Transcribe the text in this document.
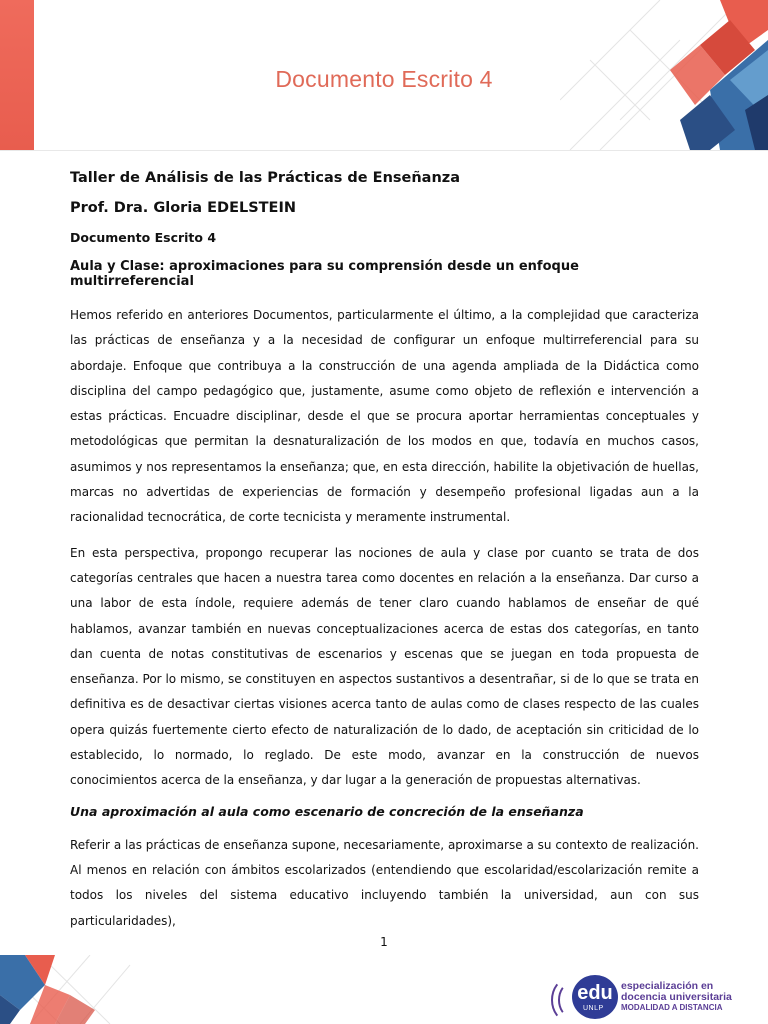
Documento Escrito 4
Taller de Análisis de las Prácticas de Enseñanza
Prof. Dra. Gloria EDELSTEIN
Documento Escrito 4
Aula y Clase: aproximaciones para su comprensión desde un enfoque multirreferencial

Hemos referido en anteriores Documentos, particularmente el último, a la complejidad que caracteriza las prácticas de enseñanza y a la necesidad de configurar un enfoque multirreferencial para su abordaje. Enfoque que contribuya a la construcción de una agenda ampliada de la Didáctica como disciplina del campo pedagógico que, justamente, asume como objeto de reflexión e intervención a estas prácticas. Encuadre disciplinar, desde el que se procura aportar herramientas conceptuales y metodológicas que permitan la desnaturalización de los modos en que, todavía en muchos casos, asumimos y nos representamos la enseñanza; que, en esta dirección, habilite la objetivación de huellas, marcas no advertidas de experiencias de formación y desempeño profesional ligadas aun a la racionalidad tecnocrática, de corte tecnicista y meramente instrumental.

En esta perspectiva, propongo recuperar las nociones de aula y clase por cuanto se trata de dos categorías centrales que hacen a nuestra tarea como docentes en relación a la enseñanza. Dar curso a una labor de esta índole, requiere además de tener claro cuando hablamos de enseñar de qué hablamos, avanzar también en nuevas conceptualizaciones acerca de estas dos categorías, en tanto dan cuenta de notas constitutivas de escenarios y escenas que se juegan en toda propuesta de enseñanza. Por lo mismo, se constituyen en aspectos sustantivos a desentrañar, si de lo que se trata en definitiva es de desactivar ciertas visiones acerca tanto de aulas como de clases respecto de las cuales opera quizás fuertemente cierto efecto de naturalización de lo dado, de aceptación sin criticidad de lo establecido, lo normado, lo reglado. De este modo, avanzar en la construcción de nuevos conocimientos acerca de la enseñanza, y dar lugar a la generación de propuestas alternativas.

Una aproximación al aula como escenario de concreción de la enseñanza

Referir a las prácticas de enseñanza supone, necesariamente, aproximarse a su contexto de realización. Al menos en relación con ámbitos escolarizados (entendiendo que escolaridad/escolarización remite a todos los niveles del sistema educativo incluyendo también la universidad, aun con sus particularidades),

1
edu
UNLP
especialización en
docencia universitaria
MODALIDAD A DISTANCIA
